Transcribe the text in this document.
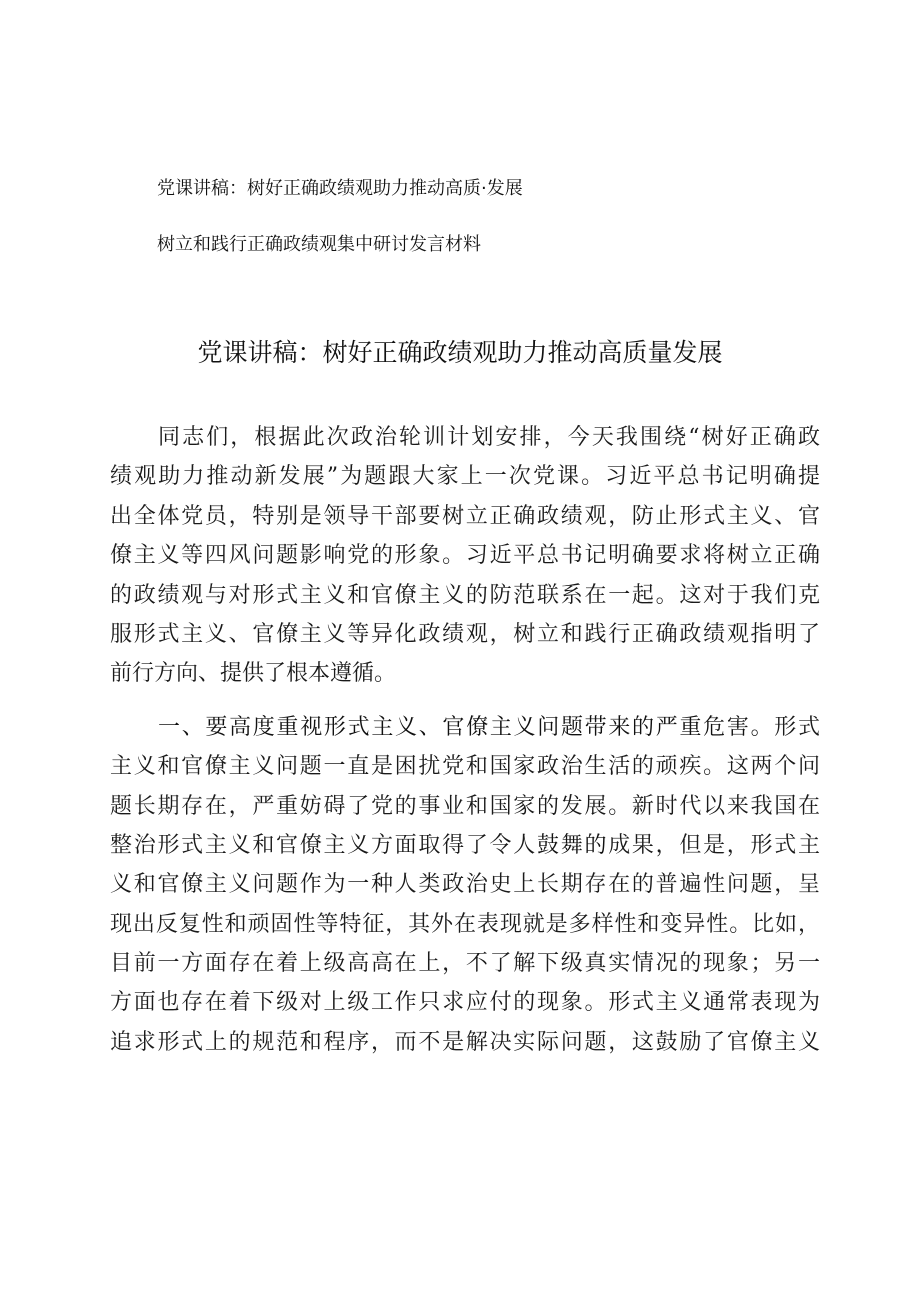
党课讲稿：树好正确政绩观助力推动高质·发展
树立和践行正确政绩观集中研讨发言材料
党课讲稿：树好正确政绩观助力推动高质量发展
同志们，根据此次政治轮训计划安排，今天我围绕“树好正确政
绩观助力推动新发展”为题跟大家上一次党课。习近平总书记明确提
出全体党员，特别是领导干部要树立正确政绩观，防止形式主义、官
僚主义等四风问题影响党的形象。习近平总书记明确要求将树立正确
的政绩观与对形式主义和官僚主义的防范联系在一起。这对于我们克
服形式主义、官僚主义等异化政绩观，树立和践行正确政绩观指明了
前行方向、提供了根本遵循。
一、要高度重视形式主义、官僚主义问题带来的严重危害。形式
主义和官僚主义问题一直是困扰党和国家政治生活的顽疾。这两个问
题长期存在，严重妨碍了党的事业和国家的发展。新时代以来我国在
整治形式主义和官僚主义方面取得了令人鼓舞的成果，但是，形式主
义和官僚主义问题作为一种人类政治史上长期存在的普遍性问题，呈
现出反复性和顽固性等特征，其外在表现就是多样性和变异性。比如，
目前一方面存在着上级高高在上，不了解下级真实情况的现象；另一
方面也存在着下级对上级工作只求应付的现象。形式主义通常表现为
追求形式上的规范和程序，而不是解决实际问题，这鼓励了官僚主义
